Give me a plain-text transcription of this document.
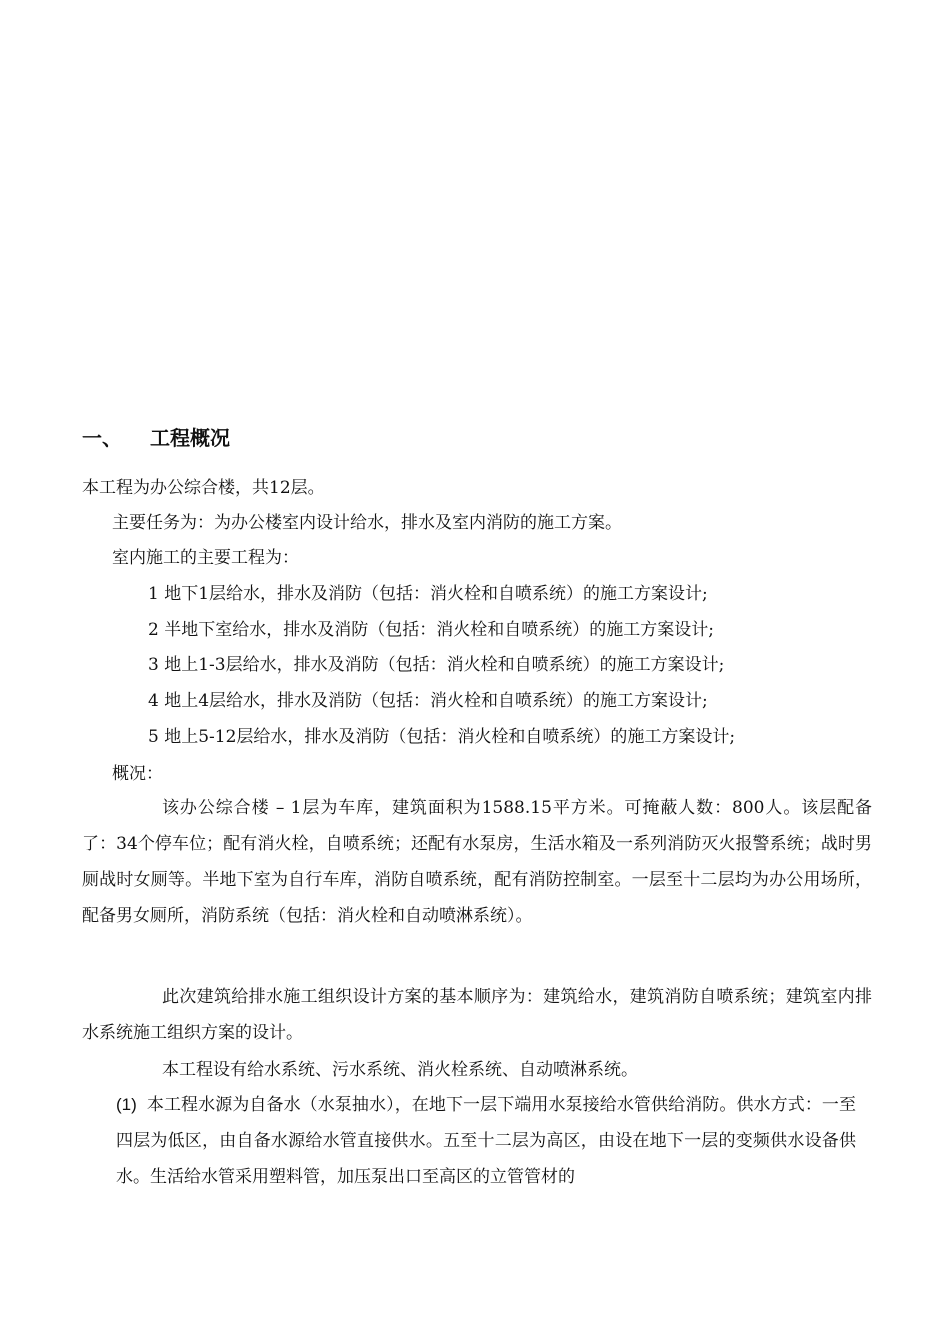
一、 工程概况
本工程为办公综合楼，共12层。
主要任务为：为办公楼室内设计给水，排水及室内消防的施工方案。
室内施工的主要工程为：
1 地下1层给水，排水及消防（包括：消火栓和自喷系统）的施工方案设计;
2 半地下室给水，排水及消防（包括：消火栓和自喷系统）的施工方案设计;
3 地上1-3层给水，排水及消防（包括：消火栓和自喷系统）的施工方案设计;
4 地上4层给水，排水及消防（包括：消火栓和自喷系统）的施工方案设计;
5 地上5-12层给水，排水及消防（包括：消火栓和自喷系统）的施工方案设计;
概况：
该办公综合楼 – 1层为车库，建筑面积为1588.15平方米。可掩蔽人数：800人。该层配备了：34个停车位；配有消火栓，自喷系统；还配有水泵房，生活水箱及一系列消防灭火报警系统；战时男厕战时女厕等。半地下室为自行车库，消防自喷系统，配有消防控制室。一层至十二层均为办公用场所，配备男女厕所，消防系统（包括：消火栓和自动喷淋系统）。
此次建筑给排水施工组织设计方案的基本顺序为：建筑给水，建筑消防自喷系统；建筑室内排水系统施工组织方案的设计。
本工程设有给水系统、污水系统、消火栓系统、自动喷淋系统。
(1) 本工程水源为自备水（水泵抽水），在地下一层下端用水泵接给水管供给消防。供水方式：一至四层为低区，由自备水源给水管直接供水。五至十二层为高区，由设在地下一层的变频供水设备供水。生活给水管采用塑料管，加压泵出口至高区的立管管材的
